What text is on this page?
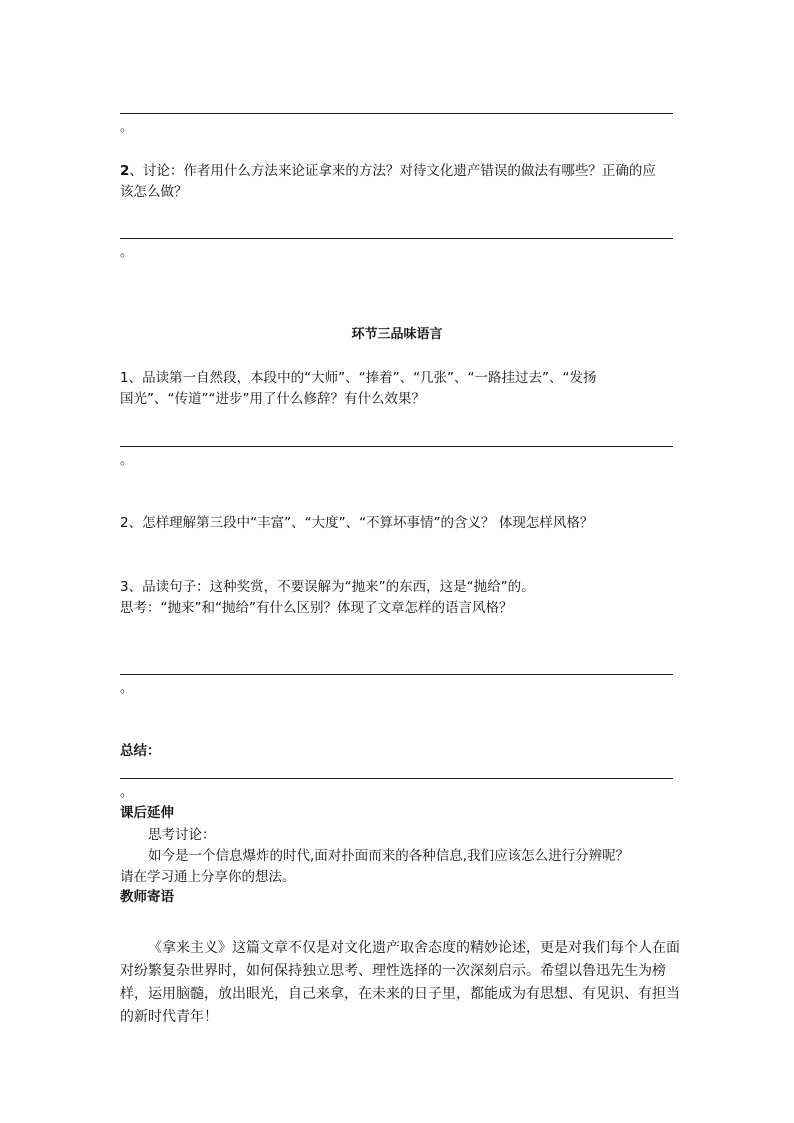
。
2、讨论：作者用什么方法来论证拿来的方法？对待文化遗产错误的做法有哪些？正确的应
该怎么做？
。
环节三品味语言
1、品读第一自然段，本段中的“大师”、“捧着”、“几张”、“一路挂过去”、“发扬
国光”、“传道”“进步”用了什么修辞？有什么效果？
。
2、怎样理解第三段中“丰富”、“大度”、“不算坏事情”的含义？ 体现怎样风格？
3、品读句子：这种奖赏，不要误解为“抛来”的东西，这是“抛给”的。
思考：“抛来”和“抛给”有什么区别？体现了文章怎样的语言风格？
。
总结：
。
课后延伸
思考讨论：
如今是一个信息爆炸的时代,面对扑面而来的各种信息,我们应该怎么进行分辨呢？
请在学习通上分享你的想法。
教师寄语
《拿来主义》这篇文章不仅是对文化遗产取舍态度的精妙论述，更是对我们每个人在面对纷繁复杂世界时，如何保持独立思考、理性选择的一次深刻启示。希望以鲁迅先生为榜样，运用脑髓，放出眼光，自己来拿，在未来的日子里，都能成为有思想、有见识、有担当的新时代青年！
